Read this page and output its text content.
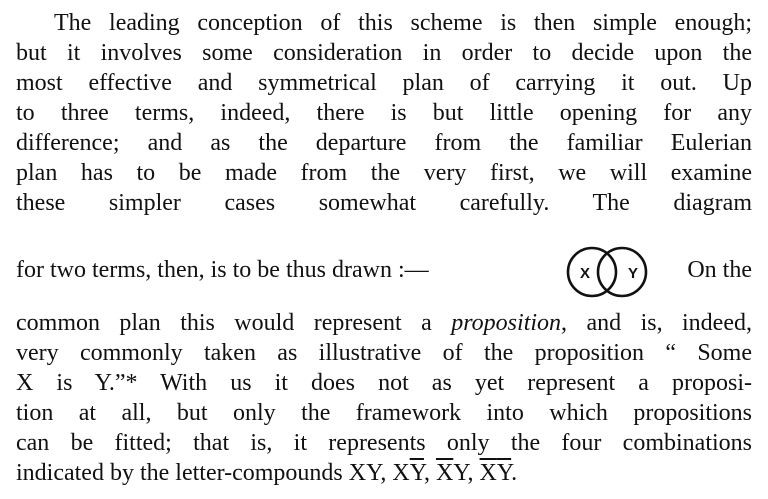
The leading conception of this scheme is then simple enough;
but it involves some consideration in order to decide upon the
most effective and symmetrical plan of carrying it out. Up
to three terms, indeed, there is but little opening for any
difference; and as the departure from the familiar Eulerian
plan has to be made from the very first, we will examine
these simpler cases somewhat carefully. The diagram
for two terms, then, is to be thus drawn :—	X	Y On the
common plan this would represent a proposition, and is, indeed,
very commonly taken as illustrative of the proposition “ Some
X is Y.”* With us it does not as yet represent a proposi-
tion at all, but only the framework into which propositions
can be fitted; that is, it represents only the four combinations
indicated by the letter-compounds XY, $X\overline{Y}$, $\overline{X}Y$, $\overline{X}\overline{Y}$.
